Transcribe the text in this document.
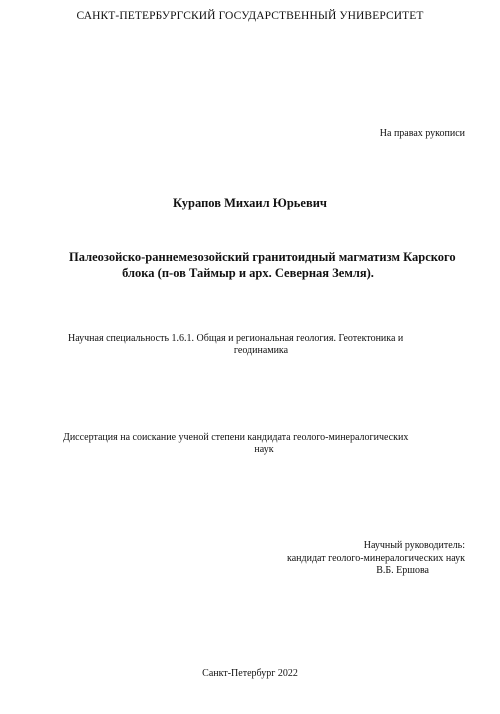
САНКТ-ПЕТЕРБУРГСКИЙ ГОСУДАРСТВЕННЫЙ УНИВЕРСИТЕТ
На правах рукописи
Курапов Михаил Юрьевич
Палеозойско-раннемезозойский гранитоидный магматизм Карского
блока (п-ов Таймыр и арх. Северная Земля).
Научная специальность 1.6.1. Общая и региональная геология. Геотектоника и
геодинамика
Диссертация на соискание ученой степени кандидата геолого-минералогических
наук
Научный руководитель:
кандидат геолого-минералогических наук
В.Б. Ершова
Санкт-Петербург 2022
